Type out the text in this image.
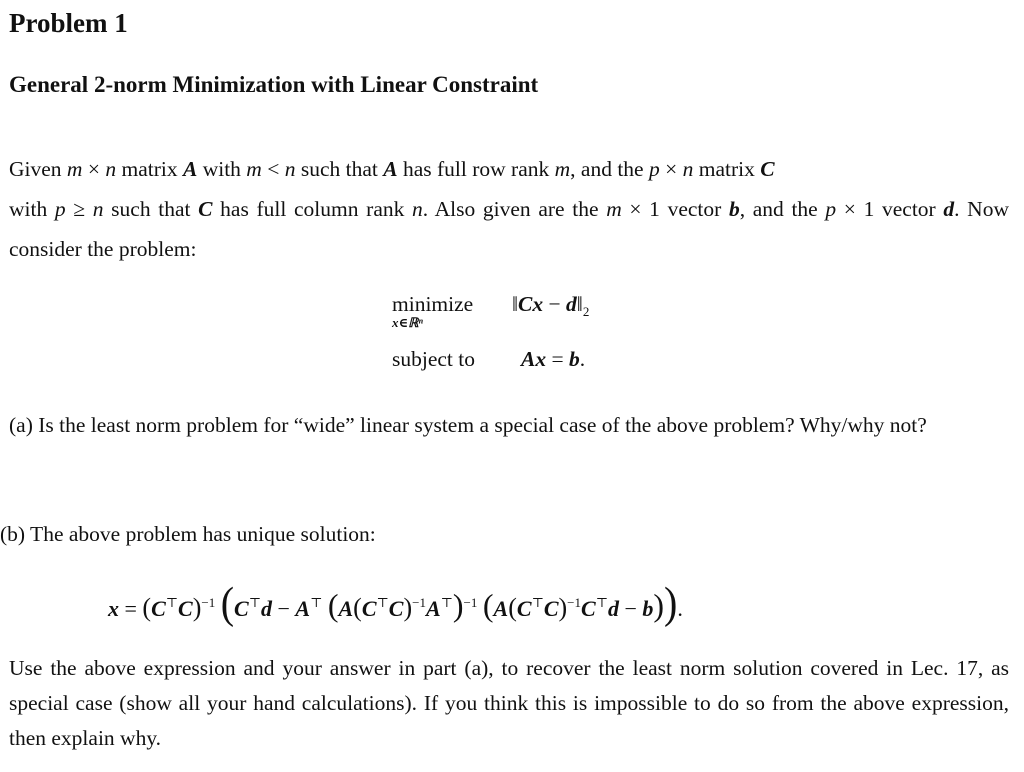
Problem 1
General 2-norm Minimization with Linear Constraint
Given m × n matrix A with m < n such that A has full row rank m, and the p × n matrix C
with p ≥ n such that C has full column rank n. Also given are the m × 1 vector b, and the p × 1 vector d. Now consider the problem:
minimize
x∈ℝⁿ
‖Cx − $d‖_2$
subject to Ax = b.
(a) Is the least norm problem for “wide” linear system a special case of the above problem? Why/why not?
(b) The above problem has unique solution:
$x = (C^⊤C)^{-1}$ (C⊤d − A⊤ $(A(C^⊤C)^{-1}A^⊤)^{-1}$ $(A(C^⊤C)^{-1}C^⊤d - b)$).
Use the above expression and your answer in part (a), to recover the least norm solution covered in Lec. 17, as special case (show all your hand calculations). If you think this is impossible to do so from the above expression, then explain why.
